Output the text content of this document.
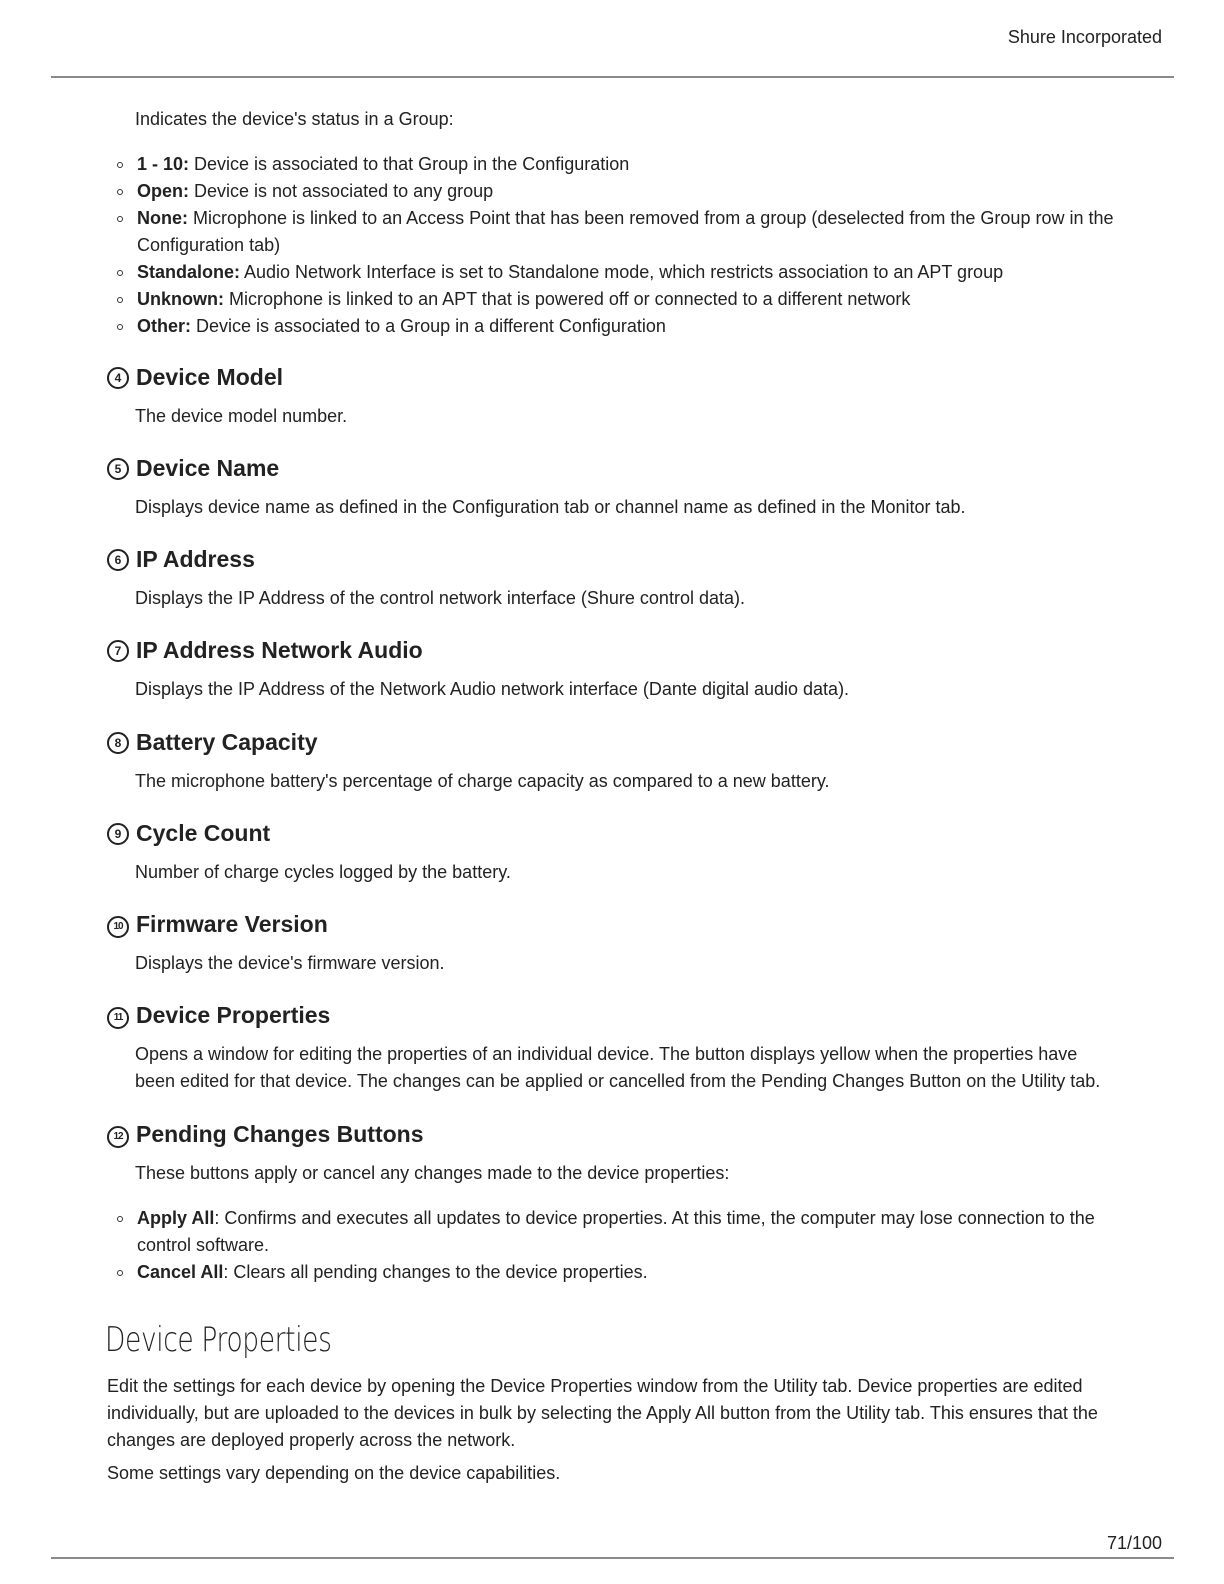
Shure Incorporated

Indicates the device's status in a Group:

1 - 10: Device is associated to that Group in the Configuration
Open: Device is not associated to any group
None: Microphone is linked to an Access Point that has been removed from a group (deselected from the Group row in the Configuration tab)
Standalone: Audio Network Interface is set to Standalone mode, which restricts association to an APT group
Unknown: Microphone is linked to an APT that is powered off or connected to a different network
Other: Device is associated to a Group in a different Configuration
4 Device Model

The device model number.

5 Device Name

Displays device name as defined in the Configuration tab or channel name as defined in the Monitor tab.

6 IP Address

Displays the IP Address of the control network interface (Shure control data).

7 IP Address Network Audio

Displays the IP Address of the Network Audio network interface (Dante digital audio data).

8 Battery Capacity

The microphone battery's percentage of charge capacity as compared to a new battery.

9 Cycle Count

Number of charge cycles logged by the battery.

10 Firmware Version

Displays the device's firmware version.

11 Device Properties

Opens a window for editing the properties of an individual device. The button displays yellow when the properties have been edited for that device. The changes can be applied or cancelled from the Pending Changes Button on the Utility tab.

12 Pending Changes Buttons

These buttons apply or cancel any changes made to the device properties:

Apply All: Confirms and executes all updates to device properties. At this time, the computer may lose connection to the control software.
Cancel All: Clears all pending changes to the device properties.
Device Properties

Edit the settings for each device by opening the Device Properties window from the Utility tab. Device properties are edited individually, but are uploaded to the devices in bulk by selecting the Apply All button from the Utility tab. This ensures that the changes are deployed properly across the network.

Some settings vary depending on the device capabilities.

71/100
